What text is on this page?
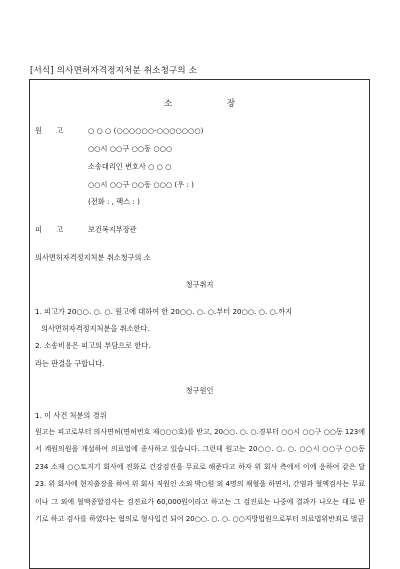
[서식] 의사면허자격정지처분 취소청구의 소
소 장
원 고	○ ○ ○ (○○○○○○-○○○○○○○)
○○시 ○○구 ○○동 ○○○
소송대리인 변호사 ○ ○ ○
○○시 ○○구 ○○동 ○○○ (우 : )
(전화 : , 팩스 : )
피 고	보건복지부장관
의사면허자격정지처분 취소청구의 소
청구취지
1. 피고가 20○○. ○. ○. 원고에 대하여 한 20○○. ○. ○.부터 20○○. ○. ○.까지
의사면허자격정지처분을 취소한다.
2. 소송비용은 피고의 부담으로 한다.
라는 판결을 구합니다.
청구원인
1. 이 사건 처분의 경위
원고는 피고로부터 의사면허(면허번호 제○○○호)를 받고, 20○○. ○. ○.경부터 ○○시 ○○구 ○○동 123에서 계원의원을 개설하여 의료업에 종사하고 있습니다. 그런데 원고는 20○○. ○. ○. ○○시 ○○구 ○○동 234 소재 ○○토지기 회사에 전화로 건강검진을 무료로 해준다고 하자 위 회사 측에서 이에 응하여 같은 달 23. 위 회사에 현지출장을 하여 위 회사 직원인 소외 박○원 외 4명의 채혈을 하면서, 간염과 혈액검사는 무료이나 그 외에 혈액종합검사는 검진료가 60,000원이라고 하고는 그 검진료는 나중에 결과가 나오는 대로 받기로 하고 검사를 하였다는 혐의로 형사입건 되어 20○○. ○. ○. ○○지방법원으로부터 의료법위반죄로 벌금
